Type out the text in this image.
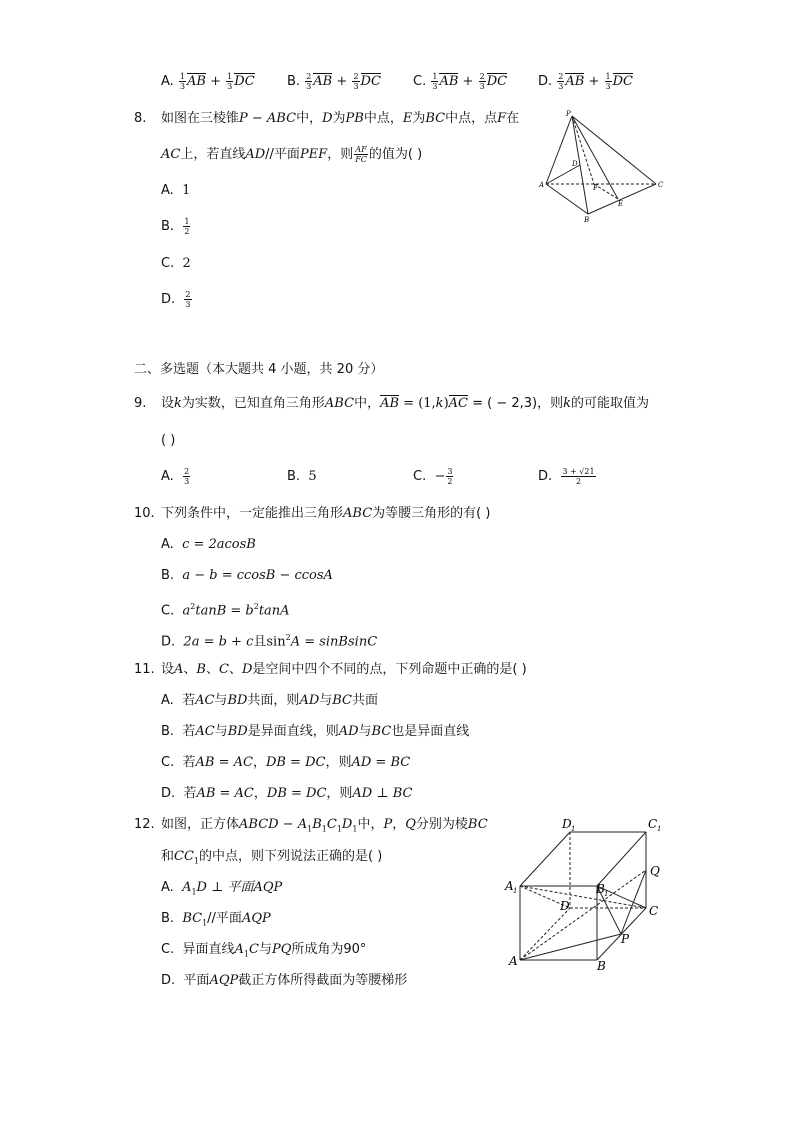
A. $\frac{1}{3}$ AB + $\frac{1}{3}$ DC B. $\frac{2}{3}$ AB + $\frac{2}{3}$ DC C. $\frac{1}{3}$ AB + $\frac{2}{3}$ DC D. $\frac{2}{3}$ AB + $\frac{1}{3}$ DC
8. 如图在三棱锥P − ABC中，D为PB中点，E为BC中点，点F在
AC上，若直线AD//平面PEF，则 $\frac{AF}{FC}$ 的值为( )
A. 1
B. $\frac{1}{2}$
C. 2
D. $\frac{2}{3}$
P
A
B
C
D
E
F
二、多选题（本大题共 4 小题，共 20 分）
9. 设k为实数，已知直角三角形ABC中，AB = (1,k)AC = ( − 2,3)，则k的可能取值为
( )
A. $\frac{2}{3}$	B. 5	C. − $\frac{3}{2}$	D. $\frac{3 + √21}{2}$
10. 下列条件中，一定能推出三角形ABC为等腰三角形的有( )
A. c = 2acosB
B. a − b = ccosB − ccosA
C. $a^2\tan B = b^2\tan A$
D. 2a = b + c且$\sin^2A$ = sinBsinC
11. 设A、B、C、D是空间中四个不同的点，下列命题中正确的是( )
A. 若AC与BD共面，则AD与BC共面
B. 若AC与BD是异面直线，则AD与BC也是异面直线
C. 若AB = AC，DB = DC，则AD = BC
D. 若AB = AC，DB = DC，则AD ⊥ BC
12. 如图，正方体ABCD − $A_1B_1C_1D_1$中，P，Q分别为棱BC
和$CC_1$的中点，则下列说法正确的是( )
A. $A_1D$ ⊥ 平面AQP
B. $BC_1//$平面AQP
C. 异面直线$A_1C$与PQ所成角为90°
D. 平面AQP截正方体所得截面为等腰梯形
D 1	C 1
A 1	B 1
D	C
Q
P
A	B
